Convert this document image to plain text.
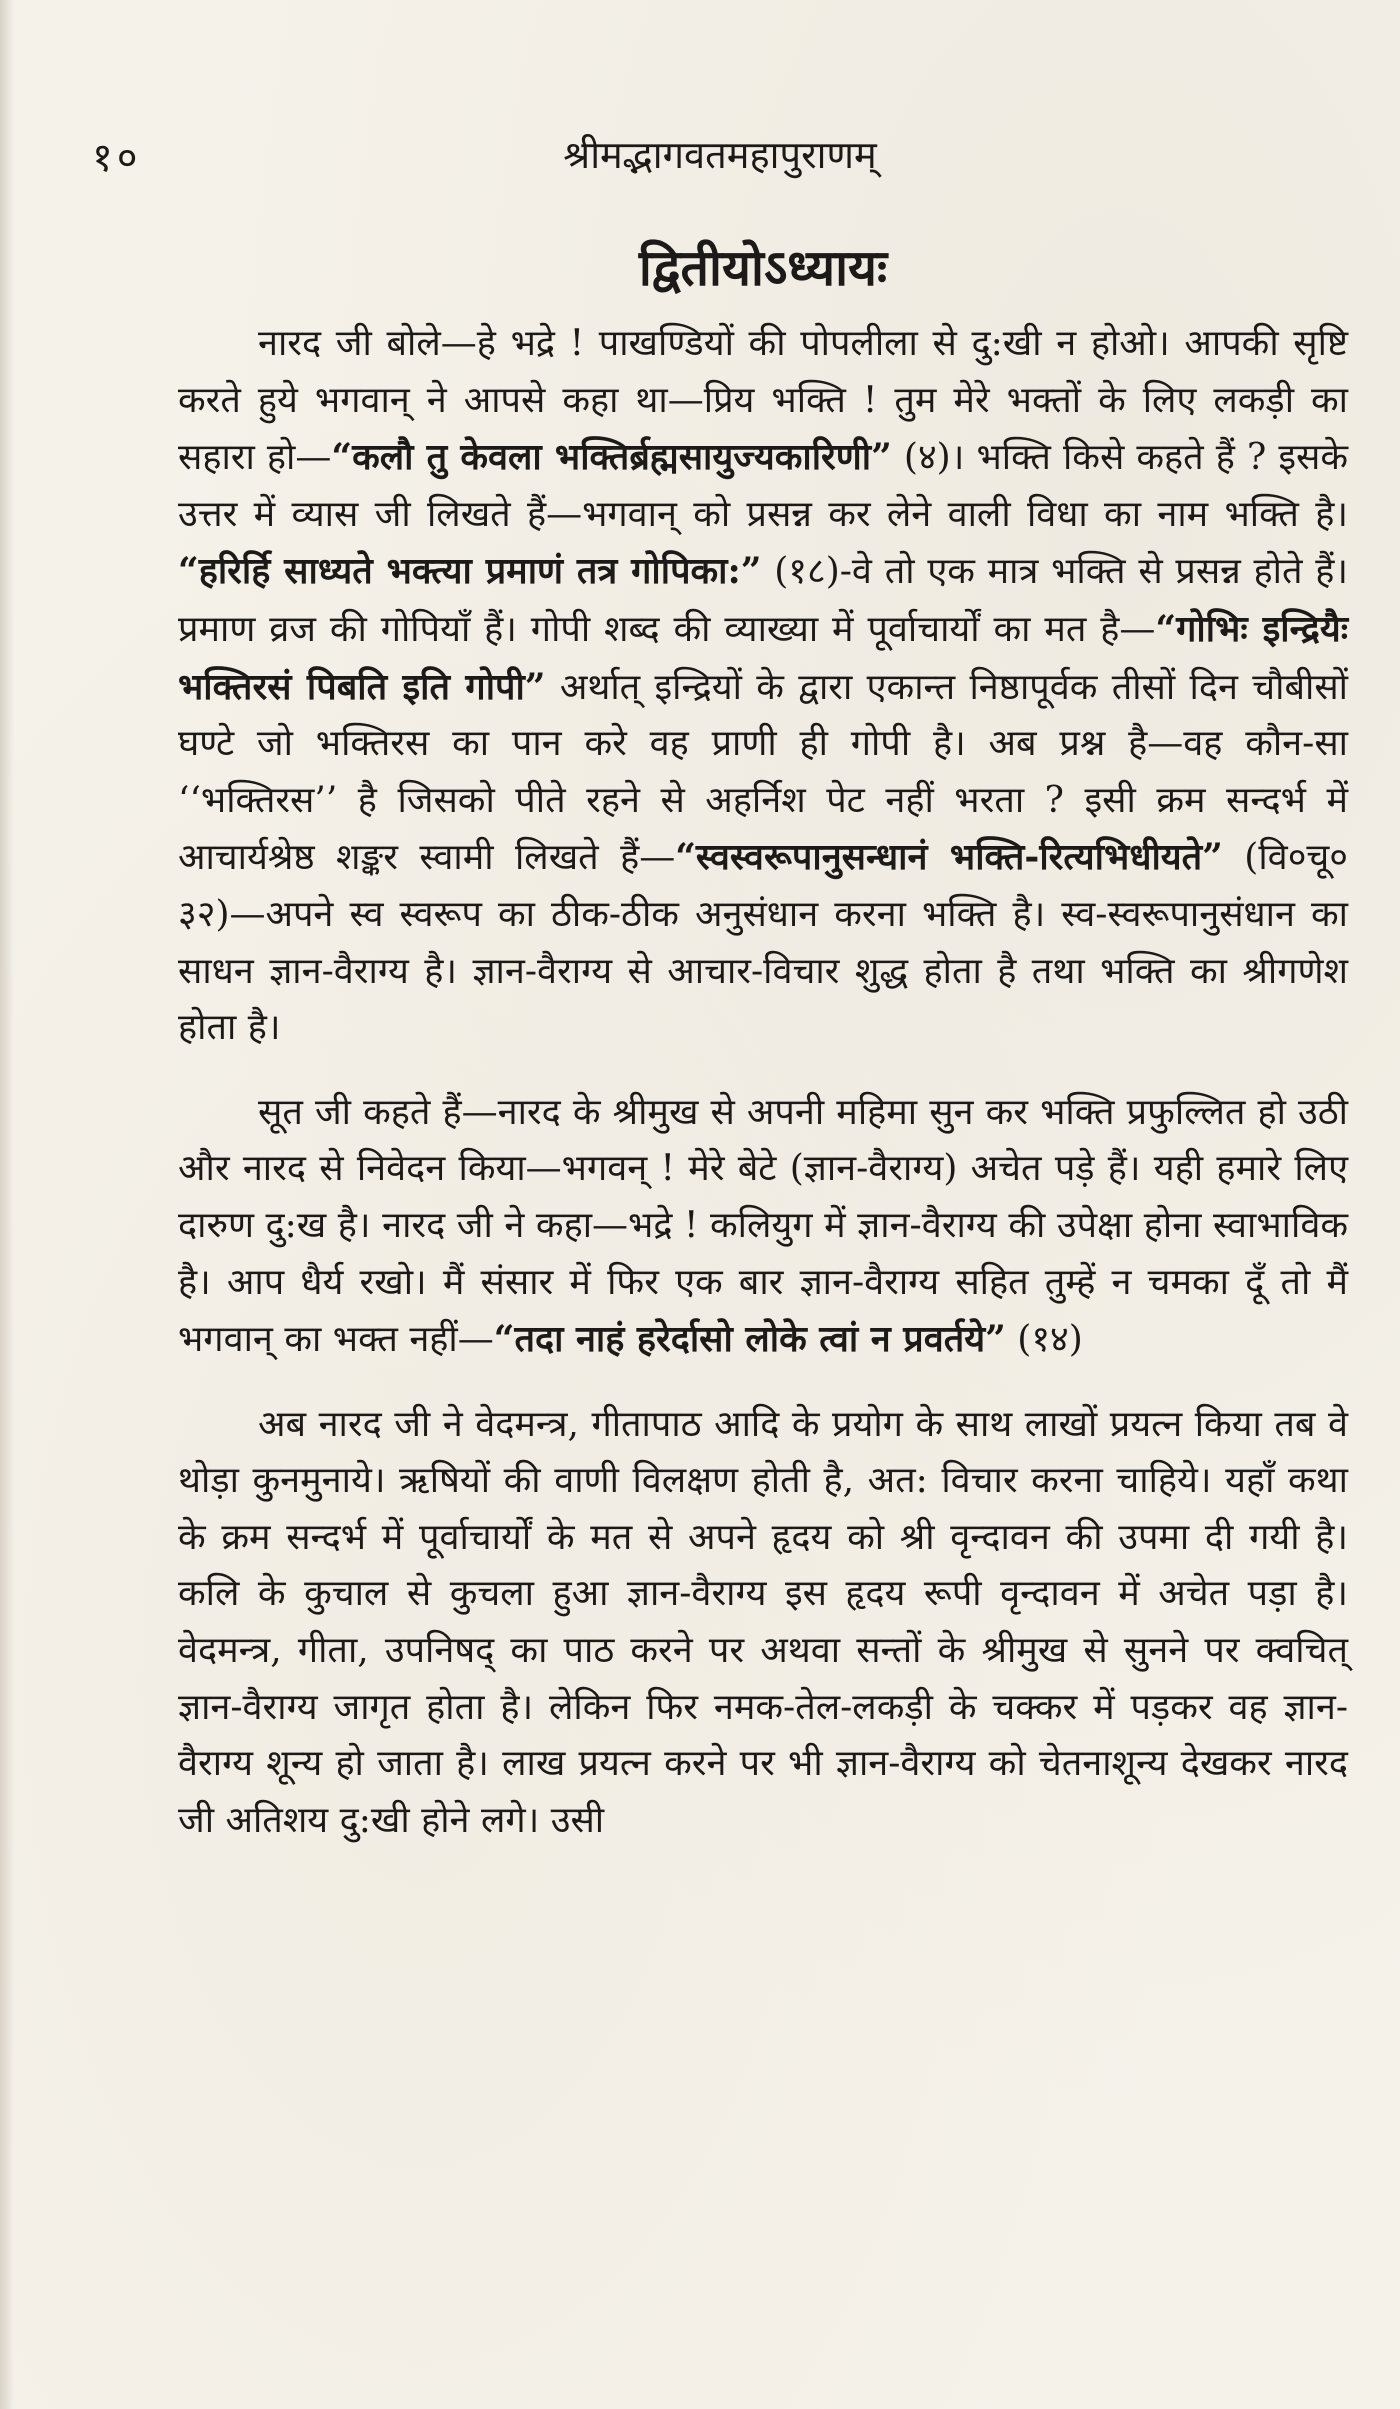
१०	श्रीमद्भागवतमहापुराणम्
द्वितीयोऽध्यायः

नारद जी बोले—हे भद्रे ! पाखण्डियों की पोपलीला से दु:खी न होओ। आपकी सृष्टि करते हुये भगवान् ने आपसे कहा था—प्रिय भक्ति ! तुम मेरे भक्तों के लिए लकड़ी का सहारा हो—“कलौ तु केवला भक्तिर्ब्रह्मसायुज्यकारिणी” (४)। भक्ति किसे कहते हैं ? इसके उत्तर में व्यास जी लिखते हैं—भगवान् को प्रसन्न कर लेने वाली विधा का नाम भक्ति है। “हरिर्हि साध्यते भक्त्या प्रमाणं तत्र गोपिका:” (१८)-वे तो एक मात्र भक्ति से प्रसन्न होते हैं। प्रमाण व्रज की गोपियाँ हैं। गोपी शब्द की व्याख्या में पूर्वाचार्यों का मत है—“गोभिः इन्द्रियैः भक्तिरसं पिबति इति गोपी” अर्थात् इन्द्रियों के द्वारा एकान्त निष्ठापूर्वक तीसों दिन चौबीसों घण्टे जो भक्तिरस का पान करे वह प्राणी ही गोपी है। अब प्रश्न है—वह कौन-सा ‘‘भक्तिरस’’ है जिसको पीते रहने से अहर्निश पेट नहीं भरता ? इसी क्रम सन्दर्भ में आचार्यश्रेष्ठ शङ्कर स्वामी लिखते हैं—“स्वस्वरूपानुसन्धानं भक्ति-रित्यभिधीयते” (वि०चू० ३२)—अपने स्व स्वरूप का ठीक-ठीक अनुसंधान करना भक्ति है। स्व-स्वरूपानुसंधान का साधन ज्ञान-वैराग्य है। ज्ञान-वैराग्य से आचार-विचार शुद्ध होता है तथा भक्ति का श्रीगणेश होता है।

सूत जी कहते हैं—नारद के श्रीमुख से अपनी महिमा सुन कर भक्ति प्रफुल्लित हो उठी और नारद से निवेदन किया—भगवन् ! मेरे बेटे (ज्ञान-वैराग्य) अचेत पड़े हैं। यही हमारे लिए दारुण दु:ख है। नारद जी ने कहा—भद्रे ! कलियुग में ज्ञान-वैराग्य की उपेक्षा होना स्वाभाविक है। आप धैर्य रखो। मैं संसार में फिर एक बार ज्ञान-वैराग्य सहित तुम्हें न चमका दूँ तो मैं भगवान् का भक्त नहीं—“तदा नाहं हरेर्दासो लोके त्वां न प्रवर्तये” (१४)

अब नारद जी ने वेदमन्त्र, गीतापाठ आदि के प्रयोग के साथ लाखों प्रयत्न किया तब वे थोड़ा कुनमुनाये। ऋषियों की वाणी विलक्षण होती है, अत: विचार करना चाहिये। यहाँ कथा के क्रम सन्दर्भ में पूर्वाचार्यों के मत से अपने हृदय को श्री वृन्दावन की उपमा दी गयी है। कलि के कुचाल से कुचला हुआ ज्ञान-वैराग्य इस हृदय रूपी वृन्दावन में अचेत पड़ा है। वेदमन्त्र, गीता, उपनिषद् का पाठ करने पर अथवा सन्तों के श्रीमुख से सुनने पर क्वचित् ज्ञान-वैराग्य जागृत होता है। लेकिन फिर नमक-तेल-लकड़ी के चक्कर में पड़कर वह ज्ञान-वैराग्य शून्य हो जाता है। लाख प्रयत्न करने पर भी ज्ञान-वैराग्य को चेतनाशून्य देखकर नारद जी अतिशय दु:खी होने लगे। उसी
